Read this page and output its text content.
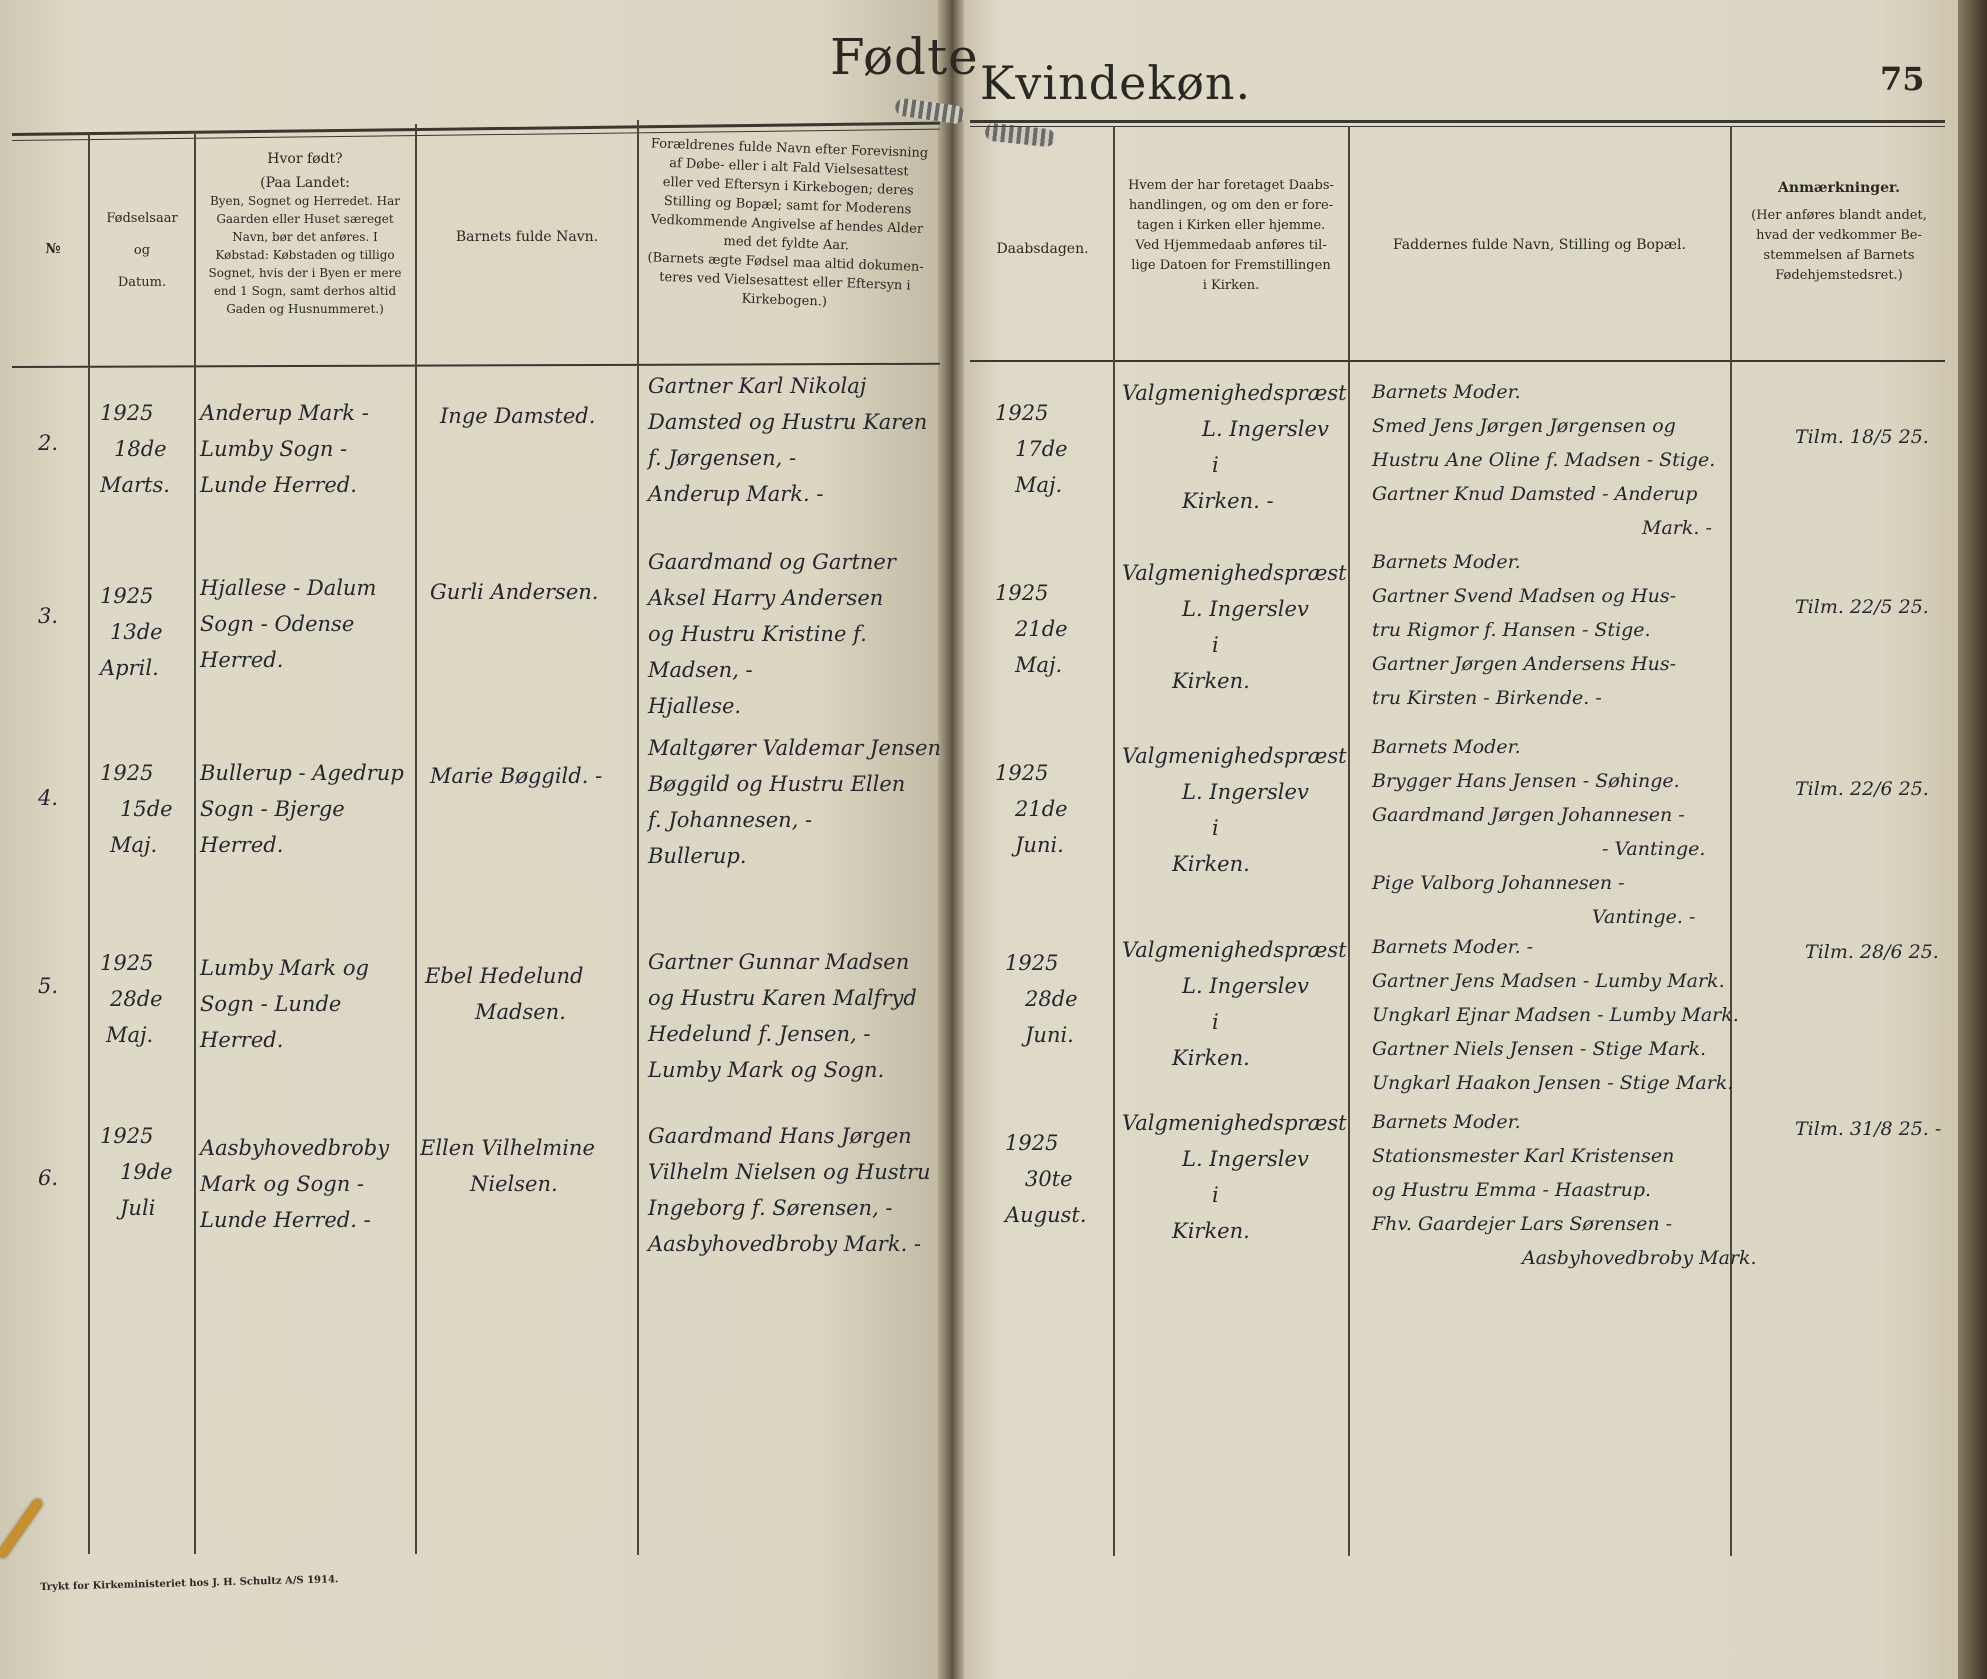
Fødte Kvindekøn.	75
№
Fødselsaar
og
Datum.
Hvor født?
(Paa Landet:
Byen, Sognet og Herredet. Har
Gaarden eller Huset særeget
Navn, bør det anføres. I
Købstad: Købstaden og tilligo
Sognet, hvis der i Byen er mere
end 1 Sogn, samt derhos altid
Gaden og Husnummeret.)
Barnets fulde Navn.
Forældrenes fulde Navn efter Forevisning
af Døbe- eller i alt Fald Vielsesattest
eller ved Eftersyn i Kirkebogen; deres
Stilling og Bopæl; samt for Moderens
Vedkommende Angivelse af hendes Alder
med det fyldte Aar.
(Barnets ægte Fødsel maa altid dokumen-
teres ved Vielsesattest eller Eftersyn i
Kirkebogen.)
Daabsdagen.
Hvem der har foretaget Daabs-
handlingen, og om den er fore-
tagen i Kirken eller hjemme.
Ved Hjemmedaab anføres til-
lige Datoen for Fremstillingen
i Kirken.
Faddernes fulde Navn, Stilling og Bopæl.
Anmærkninger.
(Her anføres blandt andet,
hvad der vedkommer Be-
stemmelsen af Barnets
Fødehjemstedsret.)
2.
1925
18de
Marts.
Anderup Mark -
Lumby Sogn -
Lunde Herred.
Inge Damsted.
Gartner Karl Nikolaj
Damsted og Hustru Karen
f. Jørgensen, -
Anderup Mark. -
1925
17de
Maj.
Valgmenighedspræst
L. Ingerslev
i
Kirken. -
Barnets Moder.
Smed Jens Jørgen Jørgensen og
Hustru Ane Oline f. Madsen - Stige.
Gartner Knud Damsted - Anderup
Mark. -
Tilm. 18/5 25.
3.
1925
13de
April.
Hjallese - Dalum
Sogn - Odense
Herred.
Gurli Andersen.
Gaardmand og Gartner
Aksel Harry Andersen
og Hustru Kristine f.
Madsen, -
Hjallese.
1925
21de
Maj.
Valgmenighedspræst
L. Ingerslev
i
Kirken.
Barnets Moder.
Gartner Svend Madsen og Hus-
tru Rigmor f. Hansen - Stige.
Gartner Jørgen Andersens Hus-
tru Kirsten - Birkende. -
Tilm. 22/5 25.
4.
1925
15de
Maj.
Bullerup - Agedrup
Sogn - Bjerge
Herred.
Marie Bøggild. -
Maltgører Valdemar Jensen
Bøggild og Hustru Ellen
f. Johannesen, -
Bullerup.
1925
21de
Juni.
Valgmenighedspræst
L. Ingerslev
i
Kirken.
Barnets Moder.
Brygger Hans Jensen - Søhinge.
Gaardmand Jørgen Johannesen -
- Vantinge.
Pige Valborg Johannesen -
Vantinge. -
Tilm. 22/6 25.
5.
1925
28de
Maj.
Lumby Mark og
Sogn - Lunde
Herred.
Ebel Hedelund
Madsen.
Gartner Gunnar Madsen
og Hustru Karen Malfryd
Hedelund f. Jensen, -
Lumby Mark og Sogn.
1925
28de
Juni.
Valgmenighedspræst
L. Ingerslev
i
Kirken.
Barnets Moder. -
Gartner Jens Madsen - Lumby Mark.
Ungkarl Ejnar Madsen - Lumby Mark.
Gartner Niels Jensen - Stige Mark.
Ungkarl Haakon Jensen - Stige Mark.
Tilm. 28/6 25.
6.
1925
19de
Juli
Aasbyhovedbroby
Mark og Sogn -
Lunde Herred. -
Ellen Vilhelmine
Nielsen.
Gaardmand Hans Jørgen
Vilhelm Nielsen og Hustru
Ingeborg f. Sørensen, -
Aasbyhovedbroby Mark. -
1925
30te
August.
Valgmenighedspræst
L. Ingerslev
i
Kirken.
Barnets Moder.
Stationsmester Karl Kristensen
og Hustru Emma - Haastrup.
Fhv. Gaardejer Lars Sørensen -
Aasbyhovedbroby Mark.
Tilm. 31/8 25. -
Trykt for Kirkeministeriet hos J. H. Schultz A/S 1914.
